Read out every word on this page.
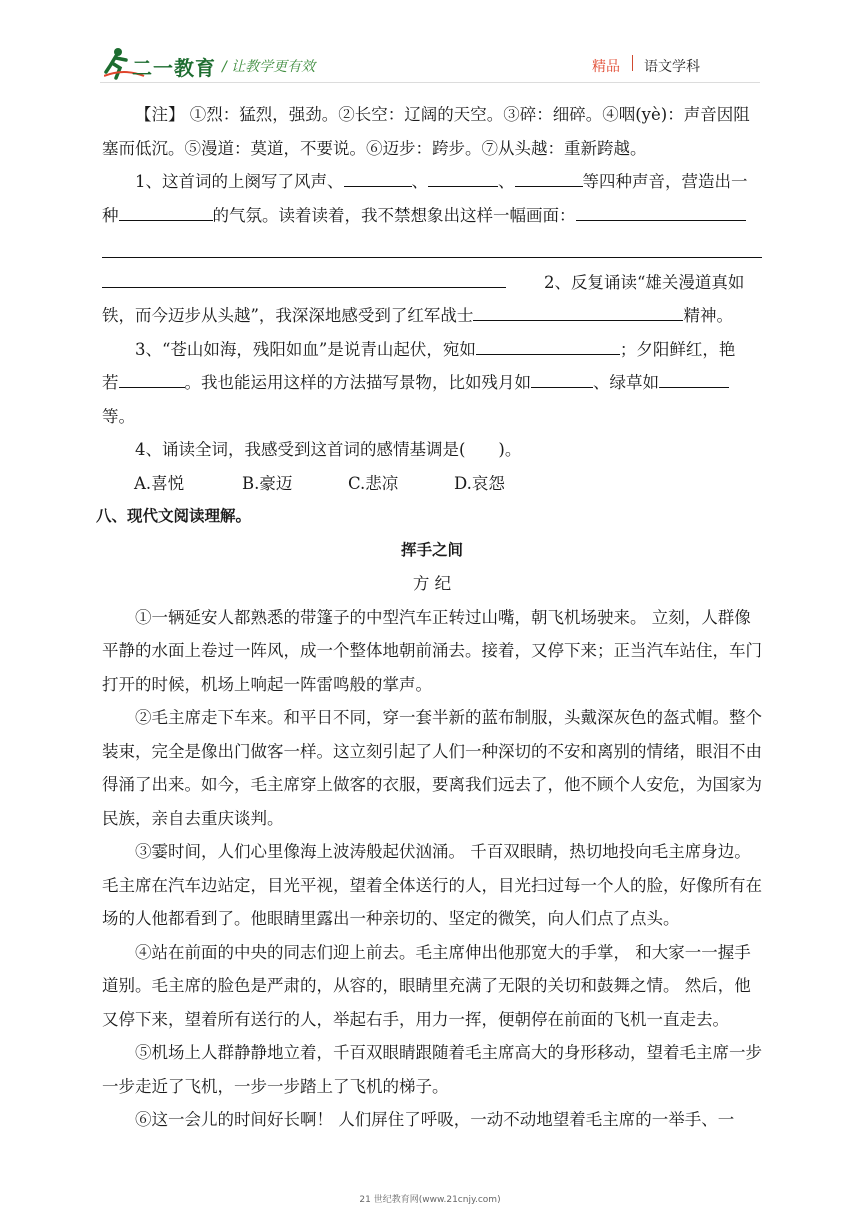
二一教育 / 让教学更有效	精品 语文学科

【注】 ①烈：猛烈，强劲。②长空：辽阔的天空。③碎：细碎。④咽(yè)：声音因阻塞而低沉。⑤漫道：莫道，不要说。⑥迈步：跨步。⑦从头越：重新跨越。

1、这首词的上阕写了风声、	、	、	等四种声音，营造出一

种	的气氛。读着读着，我不禁想象出这样一幅画面：

2、反复诵读“雄关漫道真如

铁，而今迈步从头越”，我深深地感受到了红军战士	精神。

3、“苍山如海，残阳如血”是说青山起伏，宛如	；夕阳鲜红，艳

若	。我也能运用这样的方法描写景物，比如残月如	、绿草如

等。

4、诵读全词，我感受到这首词的感情基调是(　　)。

A.喜悦	B.豪迈	C.悲凉	D.哀怨

八、现代文阅读理解。

挥手之间

方 纪

①一辆延安人都熟悉的带篷子的中型汽车正转过山嘴，朝飞机场驶来。 立刻，人群像平静的水面上卷过一阵风，成一个整体地朝前涌去。接着，又停下来；正当汽车站住，车门打开的时候，机场上响起一阵雷鸣般的掌声。

②毛主席走下车来。和平日不同，穿一套半新的蓝布制服，头戴深灰色的盔式帽。整个装束，完全是像出门做客一样。这立刻引起了人们一种深切的不安和离别的情绪，眼泪不由得涌了出来。如今，毛主席穿上做客的衣服，要离我们远去了，他不顾个人安危，为国家为民族，亲自去重庆谈判。

③霎时间，人们心里像海上波涛般起伏汹涌。 千百双眼睛，热切地投向毛主席身边。毛主席在汽车边站定，目光平视，望着全体送行的人，目光扫过每一个人的脸，好像所有在场的人他都看到了。他眼睛里露出一种亲切的、坚定的微笑，向人们点了点头。

④站在前面的中央的同志们迎上前去。毛主席伸出他那宽大的手掌， 和大家一一握手道别。毛主席的脸色是严肃的，从容的，眼睛里充满了无限的关切和鼓舞之情。 然后，他又停下来，望着所有送行的人，举起右手，用力一挥，便朝停在前面的飞机一直走去。

⑤机场上人群静静地立着，千百双眼睛跟随着毛主席高大的身形移动，望着毛主席一步一步走近了飞机，一步一步踏上了飞机的梯子。

⑥这一会儿的时间好长啊！ 人们屏住了呼吸，一动不动地望着毛主席的一举手、一

21 世纪教育网(www.21cnjy.com)
